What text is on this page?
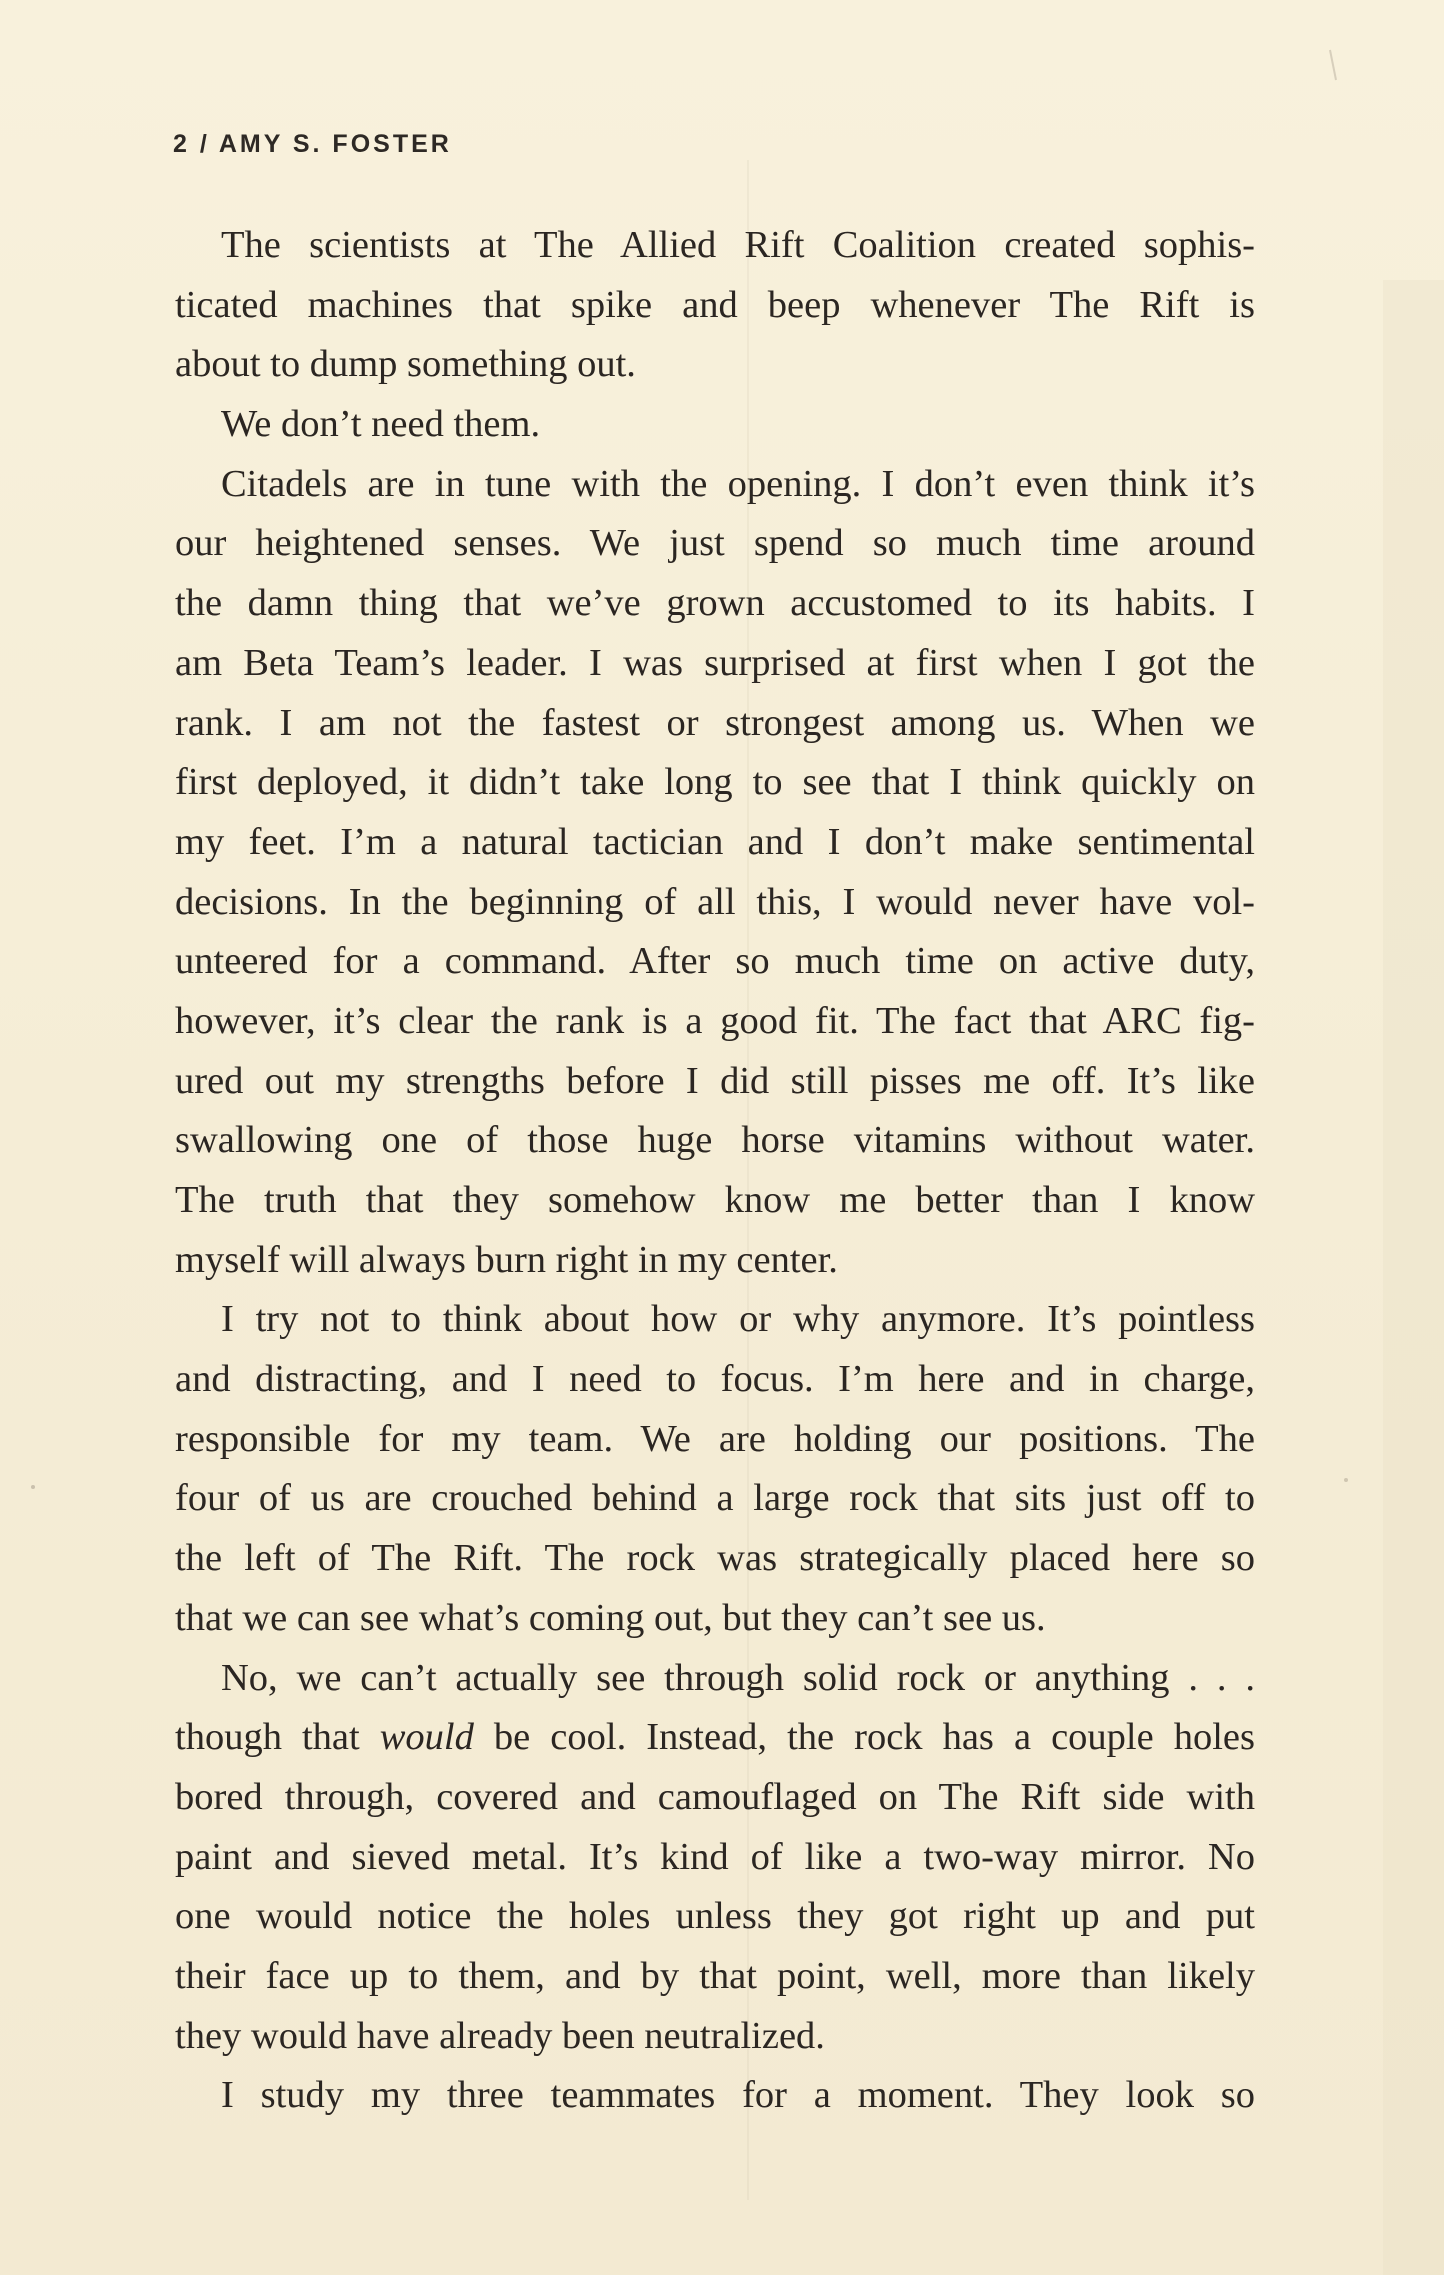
2 / AMY S. FOSTER
The scientists at The Allied Rift Coalition created sophis-
ticated machines that spike and beep whenever The Rift is
about to dump something out.
We don’t need them.
Citadels are in tune with the opening. I don’t even think it’s
our heightened senses. We just spend so much time around
the damn thing that we’ve grown accustomed to its habits. I
am Beta Team’s leader. I was surprised at first when I got the
rank. I am not the fastest or strongest among us. When we
first deployed, it didn’t take long to see that I think quickly on
my feet. I’m a natural tactician and I don’t make sentimental
decisions. In the beginning of all this, I would never have vol-
unteered for a command. After so much time on active duty,
however, it’s clear the rank is a good fit. The fact that ARC fig-
ured out my strengths before I did still pisses me off. It’s like
swallowing one of those huge horse vitamins without water.
The truth that they somehow know me better than I know
myself will always burn right in my center.
I try not to think about how or why anymore. It’s pointless
and distracting, and I need to focus. I’m here and in charge,
responsible for my team. We are holding our positions. The
four of us are crouched behind a large rock that sits just off to
the left of The Rift. The rock was strategically placed here so
that we can see what’s coming out, but they can’t see us.
No, we can’t actually see through solid rock or anything . . .
though that would be cool. Instead, the rock has a couple holes
bored through, covered and camouflaged on The Rift side with
paint and sieved metal. It’s kind of like a two-way mirror. No
one would notice the holes unless they got right up and put
their face up to them, and by that point, well, more than likely
they would have already been neutralized.
I study my three teammates for a moment. They look so
